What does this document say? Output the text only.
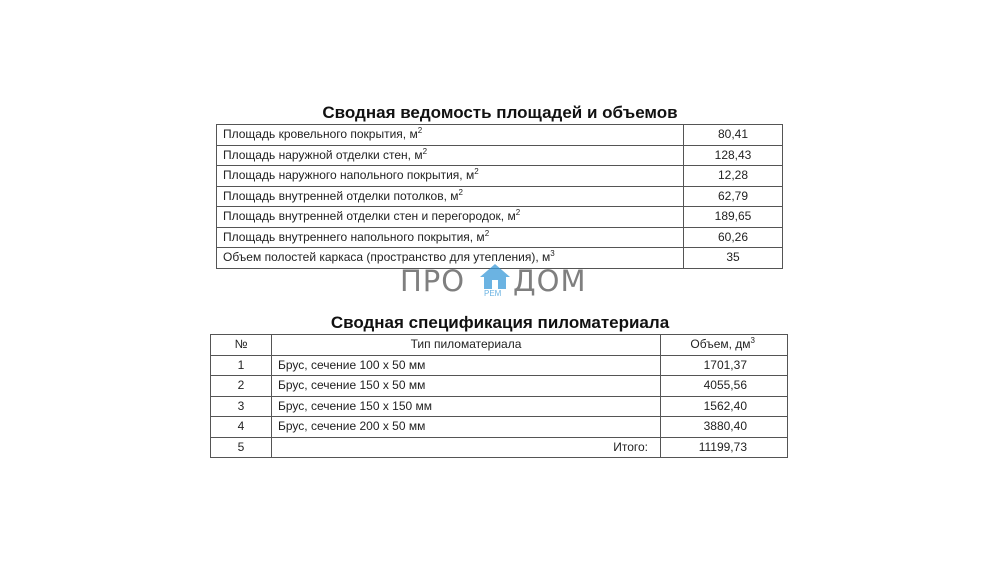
Сводная ведомость площадей и объемов
Площадь кровельного покрытия, $м^2$	80,41
Площадь наружной отделки стен, $м^2$	128,43
Площадь наружного напольного покрытия, $м^2$	12,28
Площадь внутренней отделки потолков, $м^2$	62,79
Площадь внутренней отделки стен и перегородок, $м^2$	189,65
Площадь внутреннего напольного покрытия, $м^2$	60,26
Объем полостей каркаса (пространство для утепления), $м^3$	35
ПРО РЕМ ДОМ
Сводная спецификация пиломатериала
№	Тип пиломатериала	Объем, $дм^3$
1	Брус, сечение 100 х 50 мм	1701,37
2	Брус, сечение 150 х 50 мм	4055,56
3	Брус, сечение 150 х 150 мм	1562,40
4	Брус, сечение 200 х 50 мм	3880,40
5	Итого:	11199,73
